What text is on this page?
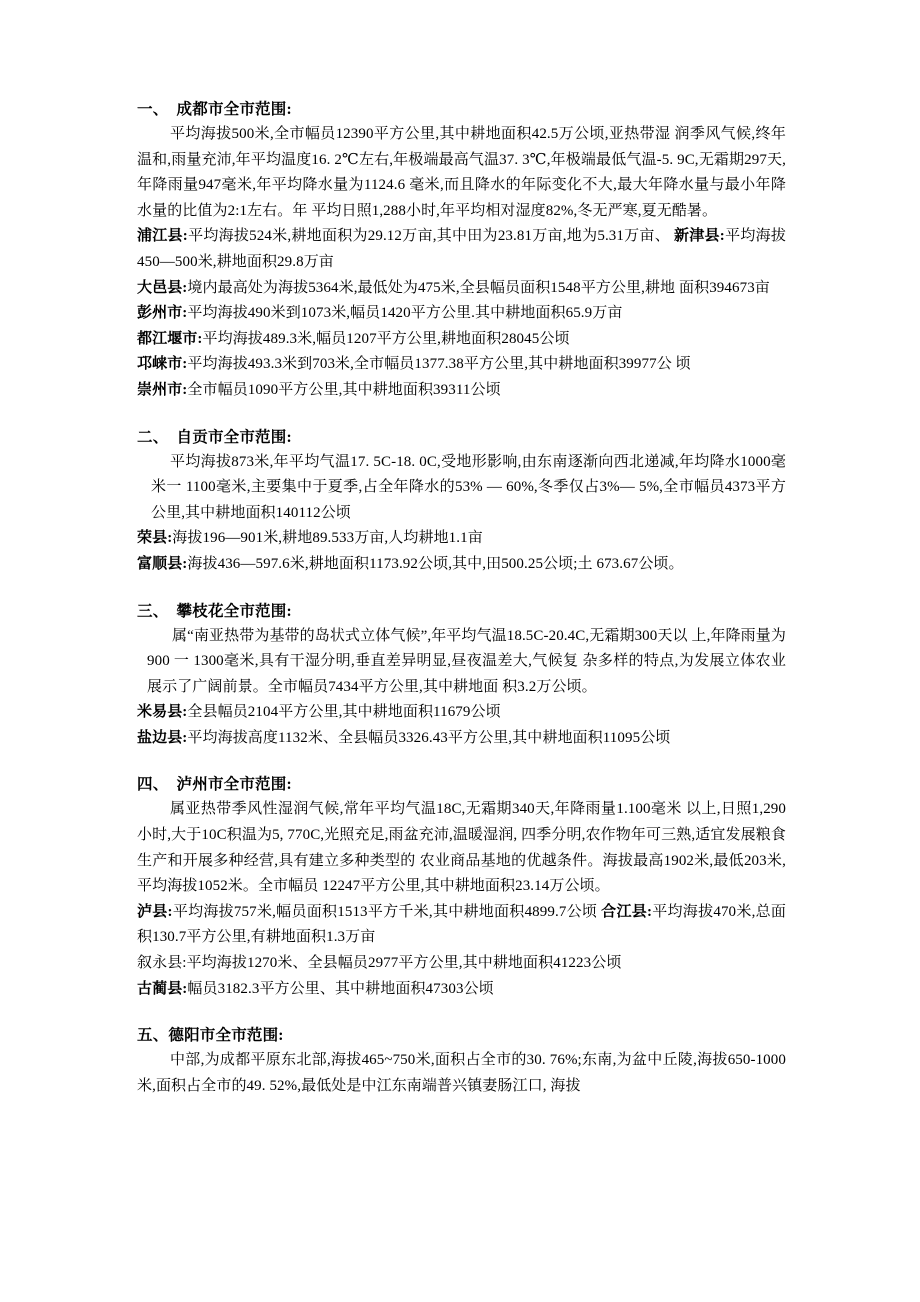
一、  成都市全市范围:

平均海拔500米,全市幅员12390平方公里,其中耕地面积42.5万公顷,亚热带湿 润季风气候,终年温和,雨量充沛,年平均温度16. 2℃左右,年极端最高气温37. 3℃,年极端最低气温-5. 9C,无霜期297天,年降雨量947毫米,年平均降水量为1124.6 毫米,而且降水的年际变化不大,最大年降水量与最小年降水量的比值为2:1左右。年 平均日照1,288小时,年平均相对湿度82%,冬无严寒,夏无酷暑。

浦江县:平均海拔524米,耕地面积为29.12万亩,其中田为23.81万亩,地为5.31万亩、 新津县:平均海拔450—500米,耕地面积29.8万亩

大邑县:境内最高处为海拔5364米,最低处为475米,全县幅员面积1548平方公里,耕地 面积394673亩

彭州市:平均海拔490米到1073米,幅员1420平方公里.其中耕地面积65.9万亩

都江堰市:平均海拔489.3米,幅员1207平方公里,耕地面积28045公顷

邛崃市:平均海拔493.3米到703米,全市幅员1377.38平方公里,其中耕地面积39977公 顷

崇州市:全市幅员1090平方公里,其中耕地面积39311公顷

二、  自贡市全市范围:

平均海拔873米,年平均气温17. 5C-18. 0C,受地形影响,由东南逐渐向西北递减,年均降水1000毫米一 1100毫米,主要集中于夏季,占全年降水的53% — 60%,冬季仅占3%— 5%,全市幅员4373平方公里,其中耕地面积140112公顷

荣县:海拔196—901米,耕地89.533万亩,人均耕地1.1亩

富顺县:海拔436—597.6米,耕地面积1173.92公顷,其中,田500.25公顷;土 673.67公顷。

三、  攀枝花全市范围:

属“南亚热带为基带的岛状式立体气候”,年平均气温18.5C-20.4C,无霜期300天以 上,年降雨量为900 一 1300毫米,具有干湿分明,垂直差异明显,昼夜温差大,气候复 杂多样的特点,为发展立体农业展示了广阔前景。全市幅员7434平方公里,其中耕地面 积3.2万公顷。

米易县:全县幅员2104平方公里,其中耕地面积11679公顷

盐边县:平均海拔高度1132米、全县幅员3326.43平方公里,其中耕地面积11095公顷

四、  泸州市全市范围:

属亚热带季风性湿润气候,常年平均气温18C,无霜期340天,年降雨量1.100毫米 以上,日照1,290小时,大于10C积温为5, 770C,光照充足,雨盆充沛,温暖湿润, 四季分明,农作物年可三熟,适宜发展粮食生产和开展多种经营,具有建立多种类型的 农业商品基地的优越条件。海拔最高1902米,最低203米,平均海拔1052米。全市幅员 12247平方公里,其中耕地面积23.14万公顷。

泸县:平均海拔757米,幅员面积1513平方千米,其中耕地面积4899.7公顷 合江县:平均海拔470米,总面积130.7平方公里,有耕地面积1.3万亩

叙永县:平均海拔1270米、全县幅员2977平方公里,其中耕地面积41223公顷

古蔺县:幅员3182.3平方公里、其中耕地面积47303公顷

五、德阳市全市范围:

中部,为成都平原东北部,海拔465~750米,面积占全市的30. 76%;东南,为盆中丘陵,海拔650-1000米,面积占全市的49. 52%,最低处是中江东南端普兴镇妻肠江口, 海拔
